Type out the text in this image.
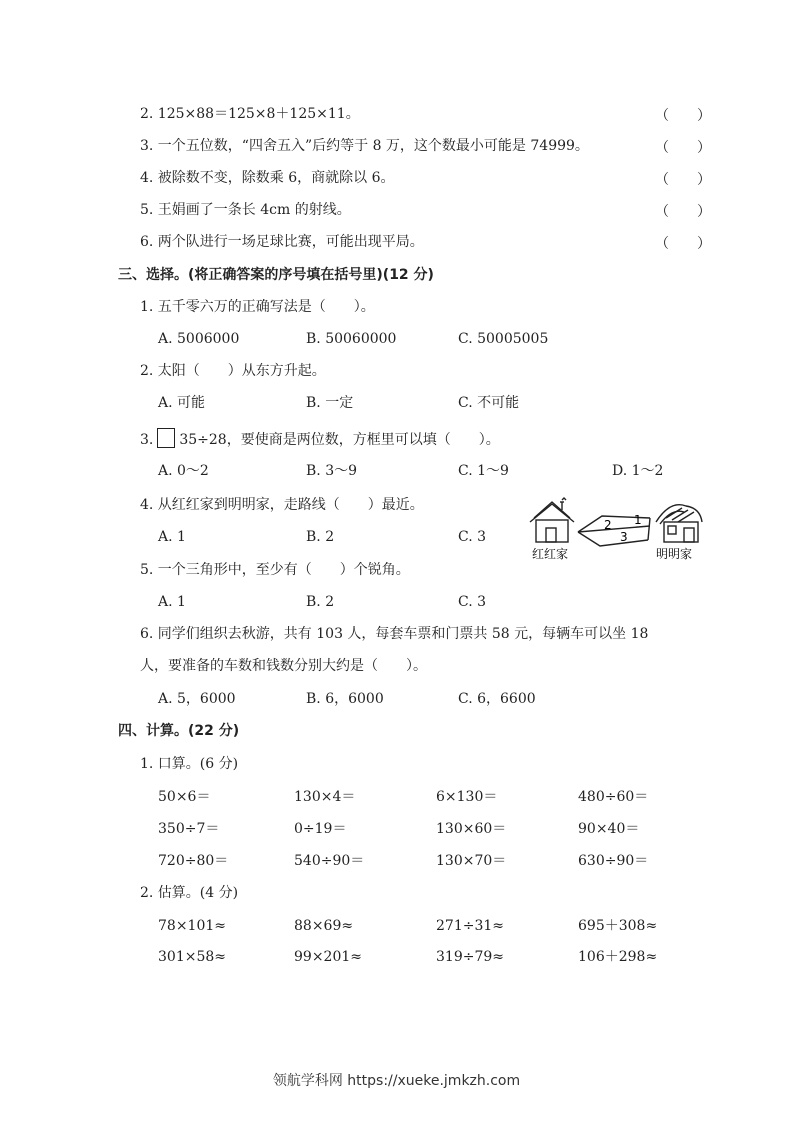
2. 125×88＝125×8＋125×11。	（　　）
3. 一个五位数，“四舍五入”后约等于 8 万，这个数最小可能是 74999。	（　　）
4. 被除数不变，除数乘 6，商就除以 6。	（　　）
5. 王娟画了一条长 4cm 的射线。	（　　）
6. 两个队进行一场足球比赛，可能出现平局。	（　　）
三、选择。(将正确答案的序号填在括号里)(12 分)
1. 五千零六万的正确写法是（　　）。
A. 5006000	B. 50060000	C. 50005005
2. 太阳（　　）从东方升起。
A. 可能	B. 一定	C. 不可能
3. 35÷28，要使商是两位数，方框里可以填（　　）。
A. 0～2	B. 3～9	C. 1～9	D. 1～2
4. 从红红家到明明家，走路线（　　）最近。
A. 1	B. 2	C. 3
1
2
3
红红家	明明家
5. 一个三角形中，至少有（　　）个锐角。
A. 1	B. 2	C. 3
6. 同学们组织去秋游，共有 103 人，每套车票和门票共 58 元，每辆车可以坐 18
人，要准备的车数和钱数分别大约是（　　）。
A. 5，6000	B. 6，6000	C. 6，6600
四、计算。(22 分)
1. 口算。(6 分)
50×6＝	130×4＝	6×130＝	480÷60＝
350÷7＝	0÷19＝	130×60＝	90×40＝
720÷80＝	540÷90＝	130×70＝	630÷90＝
2. 估算。(4 分)
78×101≈	88×69≈	271÷31≈	695＋308≈
301×58≈	99×201≈	319÷79≈	106＋298≈
领航学科网 https://xueke.jmkzh.com
